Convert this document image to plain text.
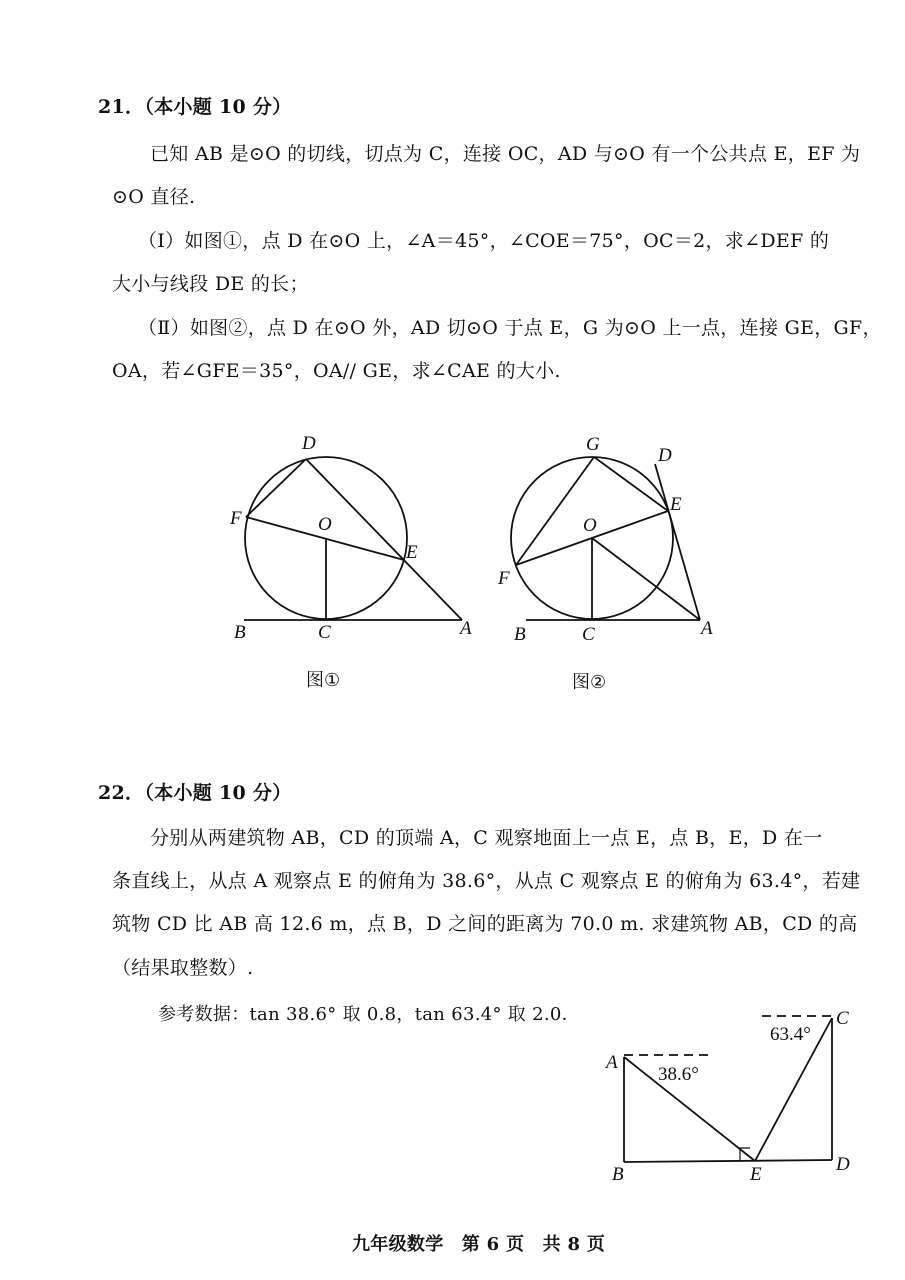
21．（本小题 10 分）
已知 AB 是⊙O 的切线，切点为 C，连接 OC，AD 与⊙O 有一个公共点 E，EF 为
⊙O 直径.
（Ⅰ）如图①，点 D 在⊙O 上，∠A＝45°，∠COE＝75°，OC＝2，求∠DEF 的
大小与线段 DE 的长；
（Ⅱ）如图②，点 D 在⊙O 外，AD 切⊙O 于点 E，G 为⊙O 上一点，连接 GE，GF，
OA，若∠GFE＝35°，OA// GE，求∠CAE 的大小.
22．（本小题 10 分）
分别从两建筑物 AB，CD 的顶端 A，C 观察地面上一点 E，点 B，E，D 在一
条直线上，从点 A 观察点 E 的俯角为 38.6°，从点 C 观察点 E 的俯角为 63.4°，若建
筑物 CD 比 AB 高 12.6 m，点 B，D 之间的距离为 70.0 m. 求建筑物 AB，CD 的高
（结果取整数）.
参考数据：tan 38.6° 取 0.8，tan 63.4° 取 2.0．
九年级数学　第 6 页　共 8 页
D
F	O
E
B	C	A
图①
G
D
E
O
F
B	C	A
图②
A
B
C
D
E
38.6°
63.4°
